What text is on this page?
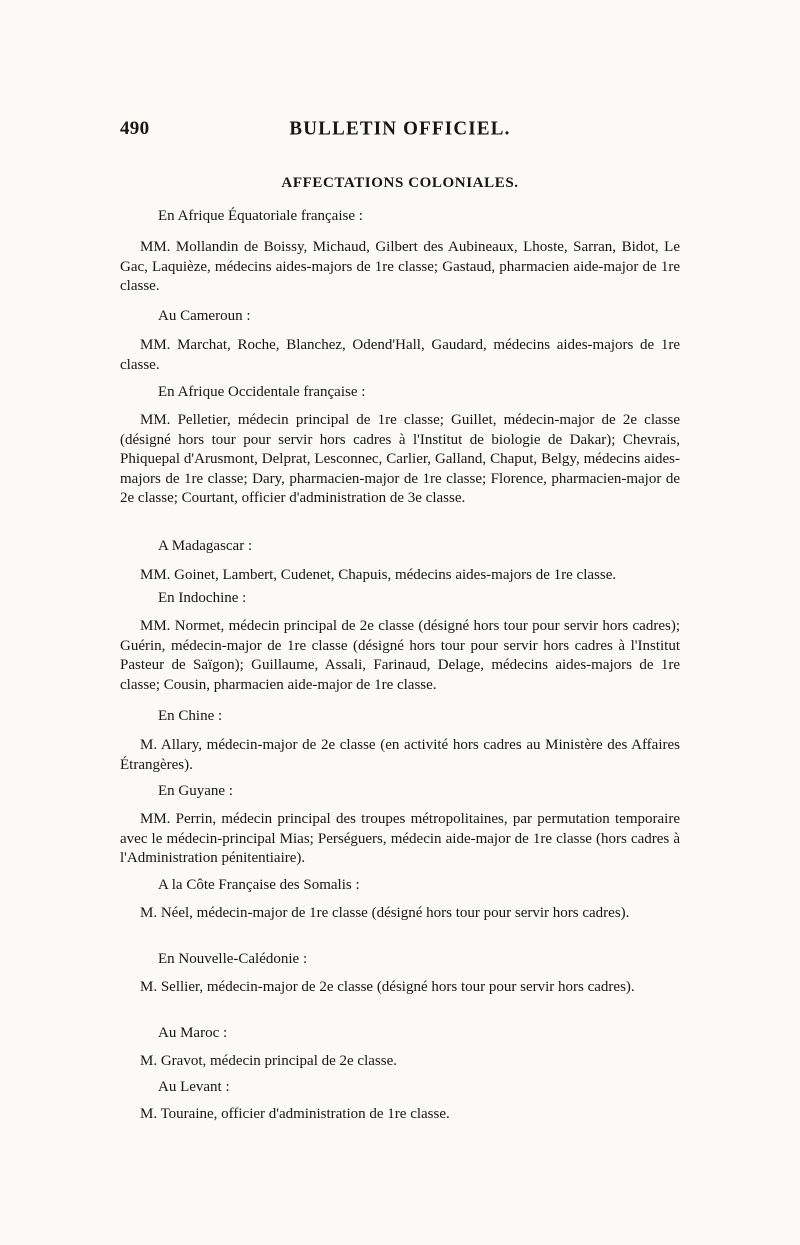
490	BULLETIN OFFICIEL.
AFFECTATIONS COLONIALES.
En Afrique Équatoriale française :
MM. Mollandin de Boissy, Michaud, Gilbert des Aubineaux, Lhoste, Sarran, Bidot, Le Gac, Laquièze, médecins aides-majors de 1re classe; Gastaud, pharmacien aide-major de 1re classe.
Au Cameroun :
MM. Marchat, Roche, Blanchez, Odend'Hall, Gaudard, médecins aides-majors de 1re classe.
En Afrique Occidentale française :
MM. Pelletier, médecin principal de 1re classe; Guillet, médecin-major de 2e classe (désigné hors tour pour servir hors cadres à l'Institut de biologie de Dakar); Chevrais, Phiquepal d'Arusmont, Delprat, Lesconnec, Carlier, Galland, Chaput, Belgy, médecins aides-majors de 1re classe; Dary, pharmacien-major de 1re classe; Florence, pharmacien-major de 2e classe; Courtant, officier d'administration de 3e classe.
A Madagascar :
MM. Goinet, Lambert, Cudenet, Chapuis, médecins aides-majors de 1re classe.
En Indochine :
MM. Normet, médecin principal de 2e classe (désigné hors tour pour servir hors cadres); Guérin, médecin-major de 1re classe (désigné hors tour pour servir hors cadres à l'Institut Pasteur de Saïgon); Guillaume, Assali, Farinaud, Delage, médecins aides-majors de 1re classe; Cousin, pharmacien aide-major de 1re classe.
En Chine :
M. Allary, médecin-major de 2e classe (en activité hors cadres au Ministère des Affaires Étrangères).
En Guyane :
MM. Perrin, médecin principal des troupes métropolitaines, par permutation temporaire avec le médecin-principal Mias; Perséguers, médecin aide-major de 1re classe (hors cadres à l'Administration pénitentiaire).
A la Côte Française des Somalis :
M. Néel, médecin-major de 1re classe (désigné hors tour pour servir hors cadres).
En Nouvelle-Calédonie :
M. Sellier, médecin-major de 2e classe (désigné hors tour pour servir hors cadres).
Au Maroc :
M. Gravot, médecin principal de 2e classe.
Au Levant :
M. Touraine, officier d'administration de 1re classe.
